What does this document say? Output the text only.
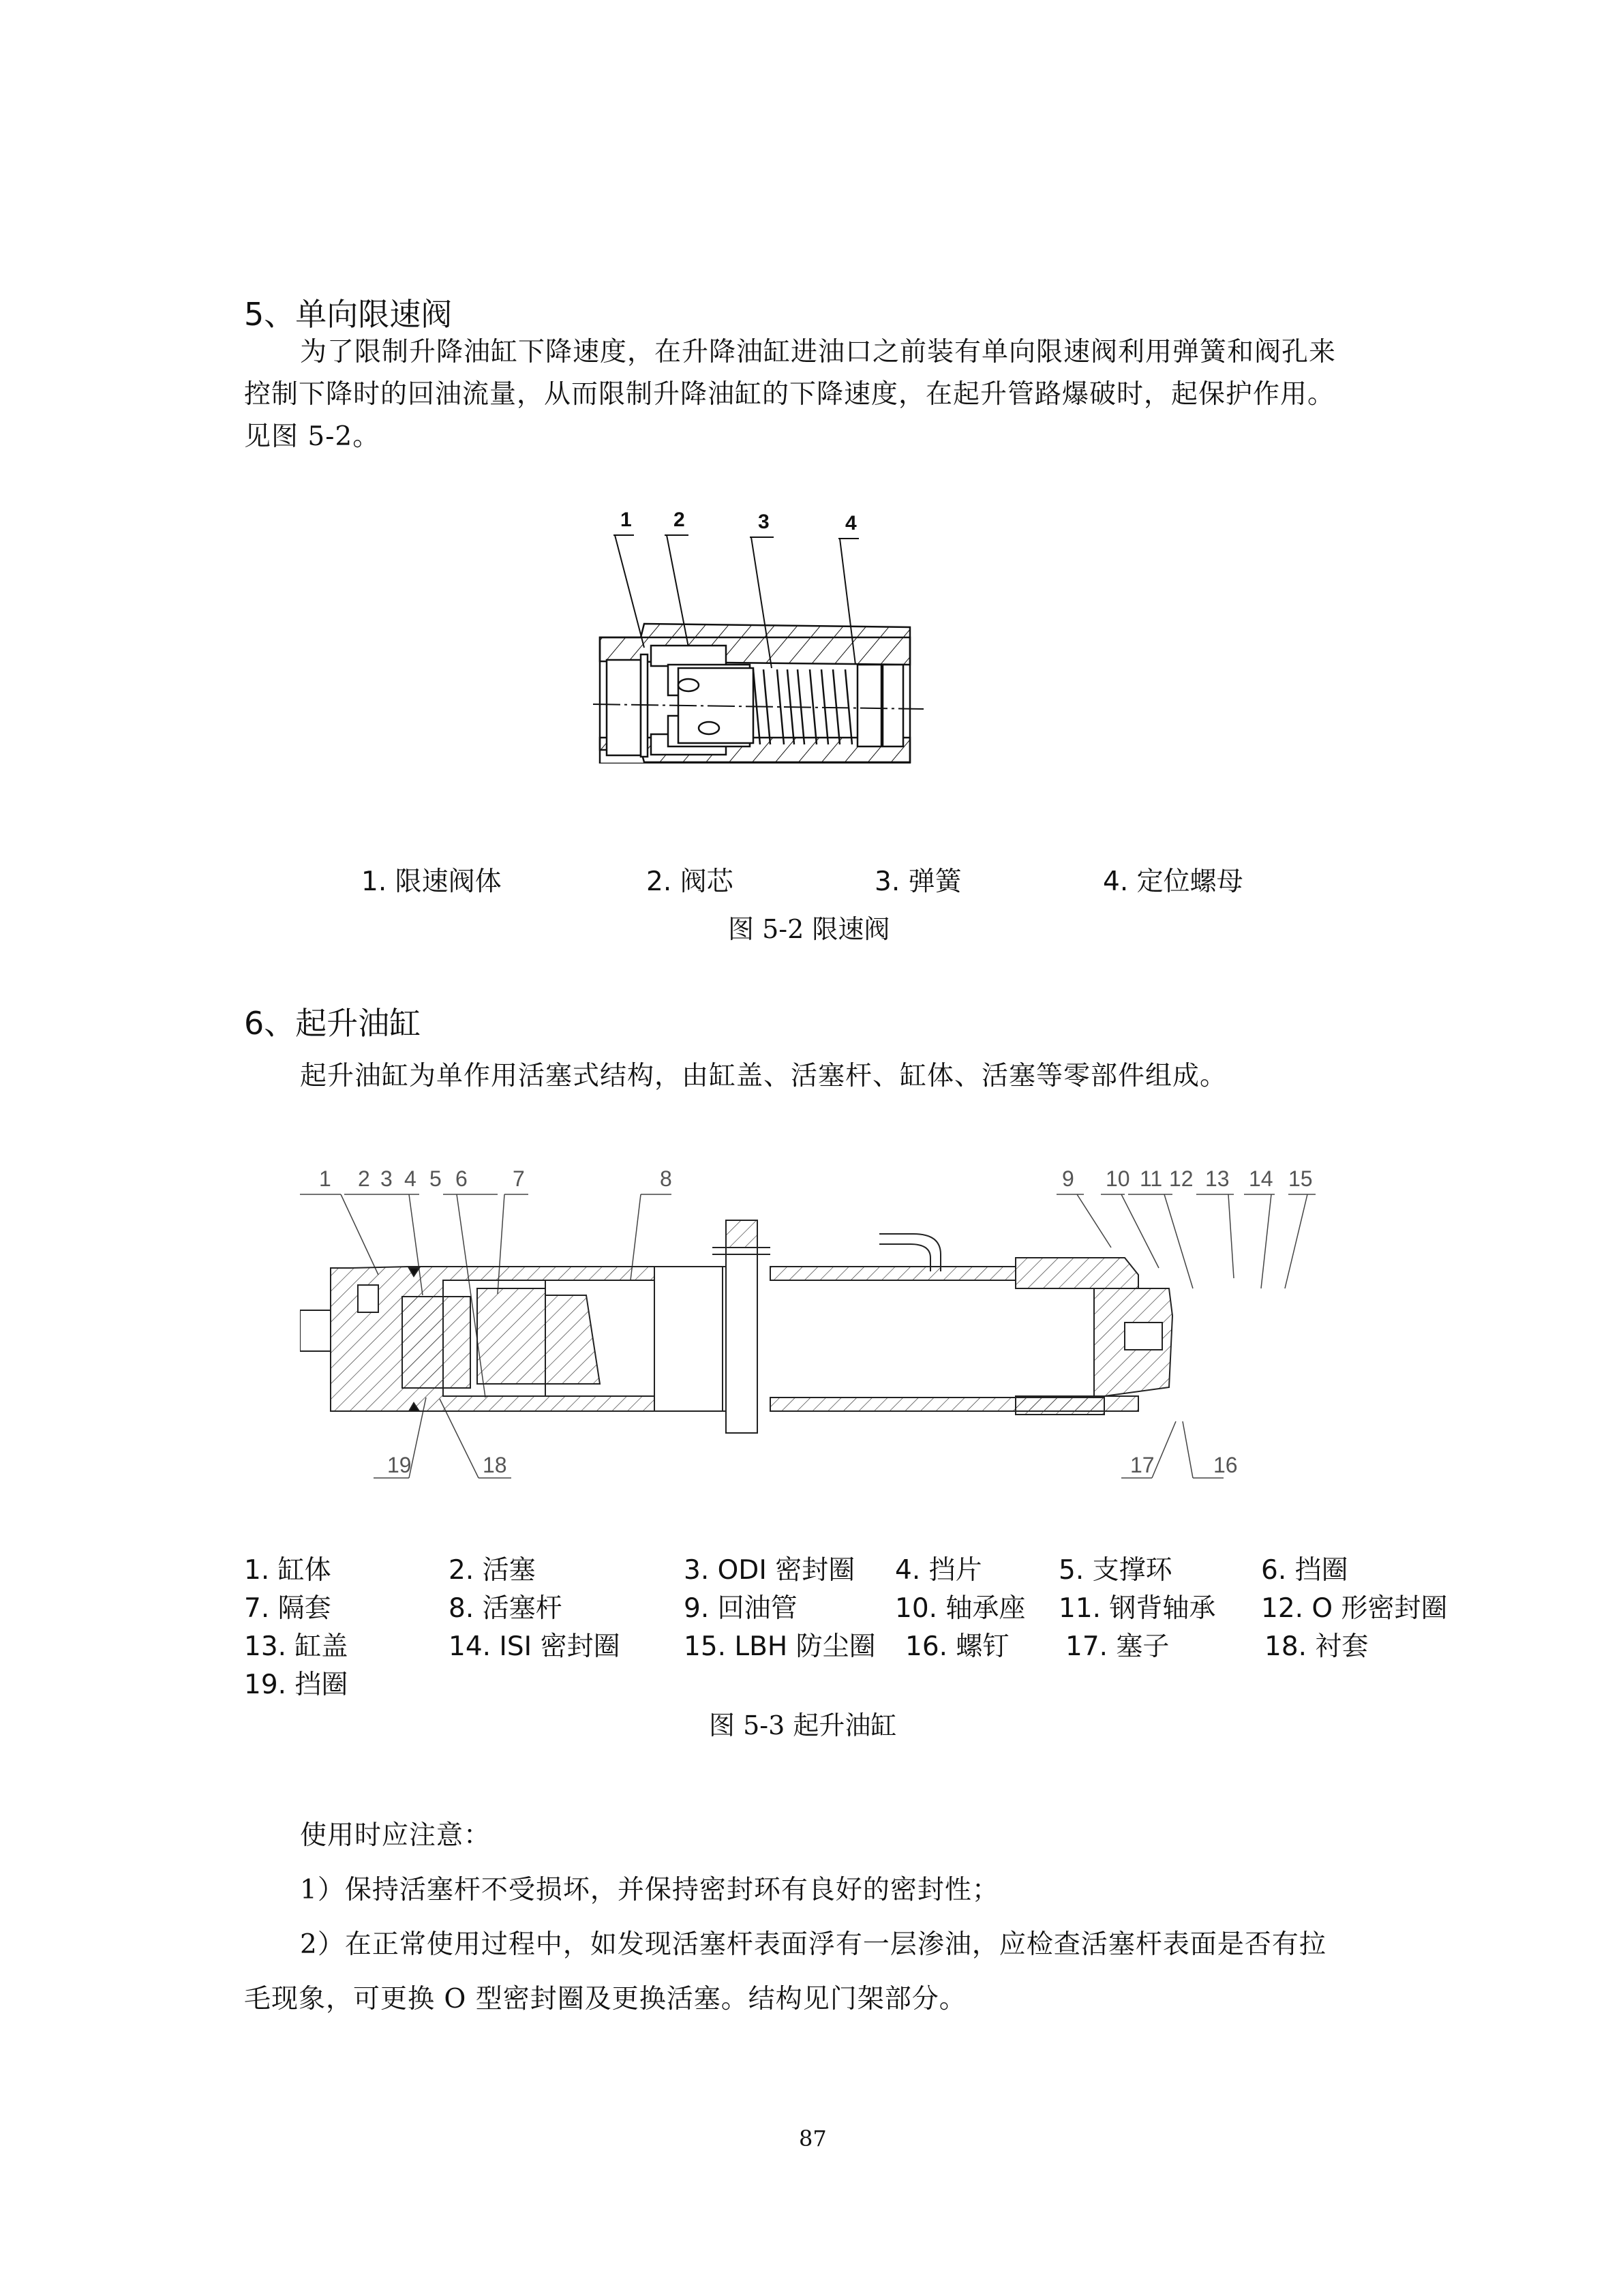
5、单向限速阀
为了限制升降油缸下降速度，在升降油缸进油口之前装有单向限速阀利用弹簧和阀孔来
控制下降时的回油流量，从而限制升降油缸的下降速度，在起升管路爆破时，起保护作用。
见图 5-2。
1 2	3	4
1. 限速阀体	2. 阀芯	3. 弹簧	4. 定位螺母
图 5-2 限速阀
6、起升油缸
起升油缸为单作用活塞式结构，由缸盖、活塞杆、缸体、活塞等零部件组成。
1 2 3 4 5 6 7	8	9 10 11 12 13 14 15
19	18	17	16
1. 缸体	2. 活塞	3. ODI 密封圈 4. 挡片	5. 支撑环	6. 挡圈
7. 隔套	8. 活塞杆	9. 回油管	10. 轴承座 11. 钢背轴承 12. O 形密封圈
13. 缸盖	14. ISI 密封圈 15. LBH 防尘圈 16. 螺钉 17. 塞子	18. 衬套
19. 挡圈
图 5-3 起升油缸
使用时应注意：
1）保持活塞杆不受损坏，并保持密封环有良好的密封性；
2）在正常使用过程中，如发现活塞杆表面浮有一层渗油，应检查活塞杆表面是否有拉
毛现象，可更换 O 型密封圈及更换活塞。结构见门架部分。
87
